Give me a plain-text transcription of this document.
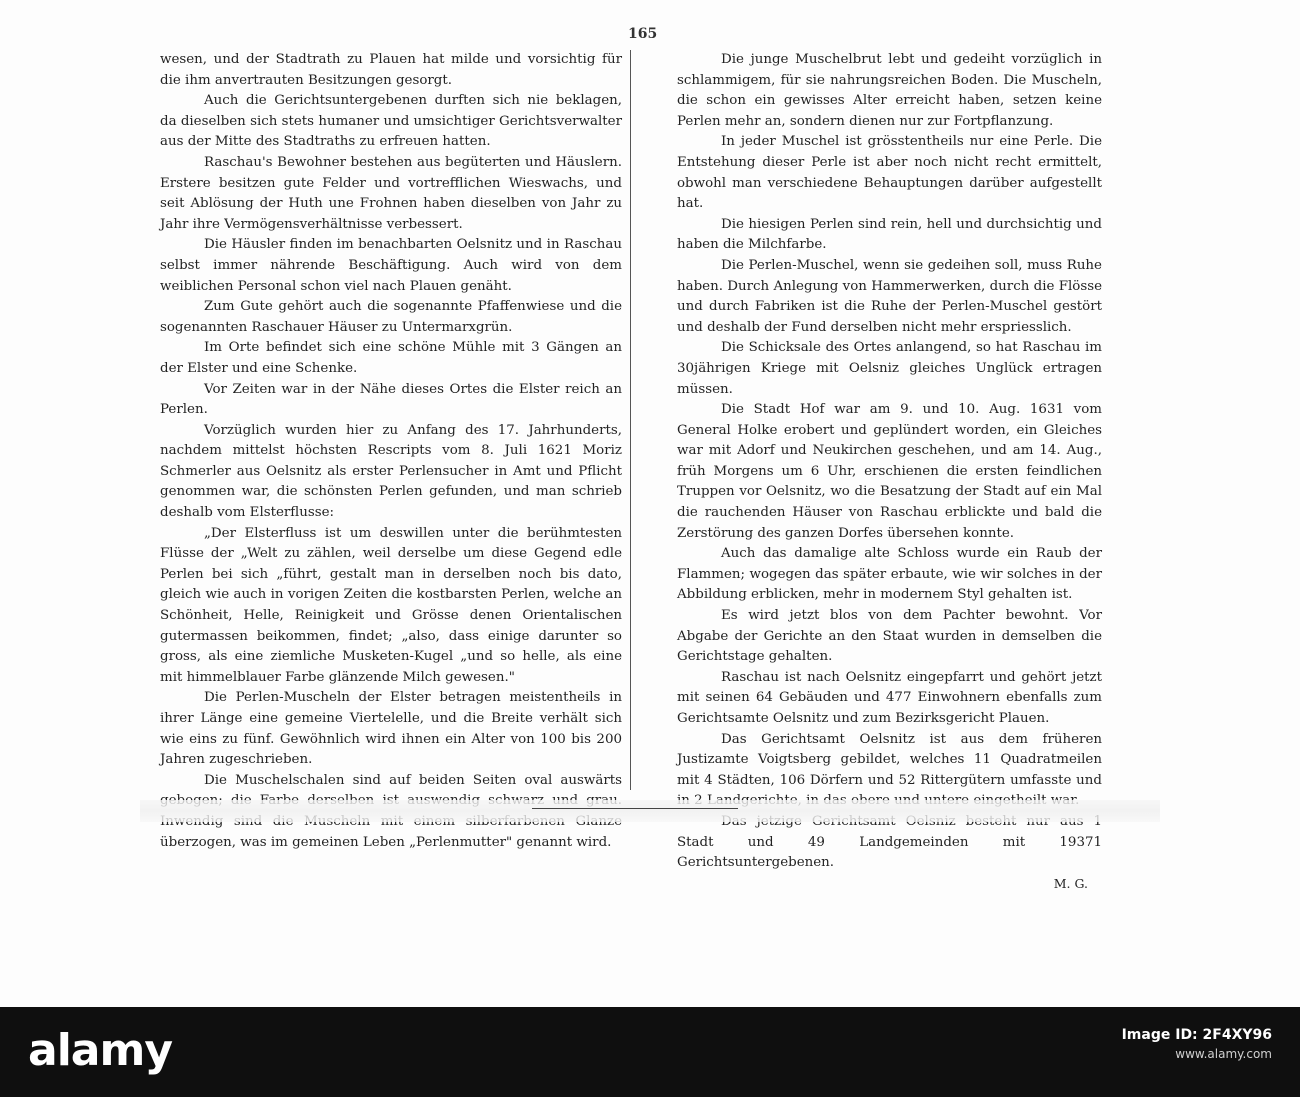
165

wesen, und der Stadtrath zu Plauen hat milde und vorsichtig für die ihm anvertrauten Besitzungen gesorgt.

Auch die Gerichtsuntergebenen durften sich nie beklagen, da dieselben sich stets humaner und umsichtiger Gerichtsverwalter aus der Mitte des Stadtraths zu erfreuen hatten.

Raschau's Bewohner bestehen aus begüterten und Häuslern. Erstere besitzen gute Felder und vortrefflichen Wieswachs, und seit Ablösung der Huth une Frohnen haben dieselben von Jahr zu Jahr ihre Vermögensverhältnisse verbessert.

Die Häusler finden im benachbarten Oelsnitz und in Raschau selbst immer nährende Beschäftigung. Auch wird von dem weiblichen Personal schon viel nach Plauen genäht.

Zum Gute gehört auch die sogenannte Pfaffenwiese und die sogenannten Raschauer Häuser zu Untermarxgrün.

Im Orte befindet sich eine schöne Mühle mit 3 Gängen an der Elster und eine Schenke.

Vor Zeiten war in der Nähe dieses Ortes die Elster reich an Perlen.

Vorzüglich wurden hier zu Anfang des 17. Jahrhunderts, nachdem mittelst höchsten Rescripts vom 8. Juli 1621 Moriz Schmerler aus Oelsnitz als erster Perlensucher in Amt und Pflicht genommen war, die schönsten Perlen gefunden, und man schrieb deshalb vom Elsterflusse:

„Der Elsterfluss ist um deswillen unter die berühmtesten Flüsse der „Welt zu zählen, weil derselbe um diese Gegend edle Perlen bei sich „führt, gestalt man in derselben noch bis dato, gleich wie auch in vorigen Zeiten die kostbarsten Perlen, welche an Schönheit, Helle, Reinigkeit und Grösse denen Orientalischen gutermassen beikommen, findet; „also, dass einige darunter so gross, als eine ziemliche Musketen-Kugel „und so helle, als eine mit himmelblauer Farbe glänzende Milch gewesen."

Die Perlen-Muscheln der Elster betragen meistentheils in ihrer Länge eine gemeine Viertelelle, und die Breite verhält sich wie eins zu fünf. Gewöhnlich wird ihnen ein Alter von 100 bis 200 Jahren zugeschrieben.

Die Muschelschalen sind auf beiden Seiten oval auswärts überzogen, was im gemeinen Leben „Perlenmutter" genannt wird.

Die junge Muschelbrut lebt und gedeiht vorzüglich in schlammigem, für sie nahrungsreichen Boden. Die Muscheln, die schon ein gewisses Alter erreicht haben, setzen keine Perlen mehr an, sondern dienen nur zur Fortpflanzung.

In jeder Muschel ist grösstentheils nur eine Perle. Die Entstehung dieser Perle ist aber noch nicht recht ermittelt, obwohl man verschiedene Behauptungen darüber aufgestellt hat.

Die hiesigen Perlen sind rein, hell und durchsichtig und haben die Milchfarbe.

Die Perlen-Muschel, wenn sie gedeihen soll, muss Ruhe haben. Durch Anlegung von Hammerwerken, durch die Flösse und durch Fabriken ist die Ruhe der Perlen-Muschel gestört und deshalb der Fund derselben nicht mehr erspriesslich.

Die Schicksale des Ortes anlangend, so hat Raschau im 30jährigen Kriege mit Oelsniz gleiches Unglück ertragen müssen.

Die Stadt Hof war am 9. und 10. Aug. 1631 vom General Holke erobert und geplündert worden, ein Gleiches war mit Adorf und Neukirchen geschehen, und am 14. Aug., früh Morgens um 6 Uhr, erschienen die ersten feindlichen Truppen vor Oelsnitz, wo die Besatzung der Stadt auf ein Mal die rauchenden Häuser von Raschau erblickte und bald die Zerstörung des ganzen Dorfes übersehen konnte.

Auch das damalige alte Schloss wurde ein Raub der Flammen; wogegen das später erbaute, wie wir solches in der Abbildung erblicken, mehr in modernem Styl gehalten ist.

Es wird jetzt blos von dem Pachter bewohnt. Vor Abgabe der Gerichte an den Staat wurden in demselben die Gerichtstage gehalten.

Raschau ist nach Oelsnitz eingepfarrt und gehört jetzt mit seinen 64 Gebäuden und 477 Einwohnern ebenfalls zum Gerichtsamte Oelsnitz und zum Bezirksgericht Plauen.

Das Gerichtsamt Oelsnitz ist aus dem früheren Justizamte Voigtsberg gebildet, welches 11 Quadratmeilen mit 4 Städten, 106 Dörfern und 52 Rittergütern umfasste und

Stadt und 49 Landgemeinden mit 19371 Gerichtsuntergebenen.

M. G.

alamy	Image ID: 2F4XY96
www.alamy.com
